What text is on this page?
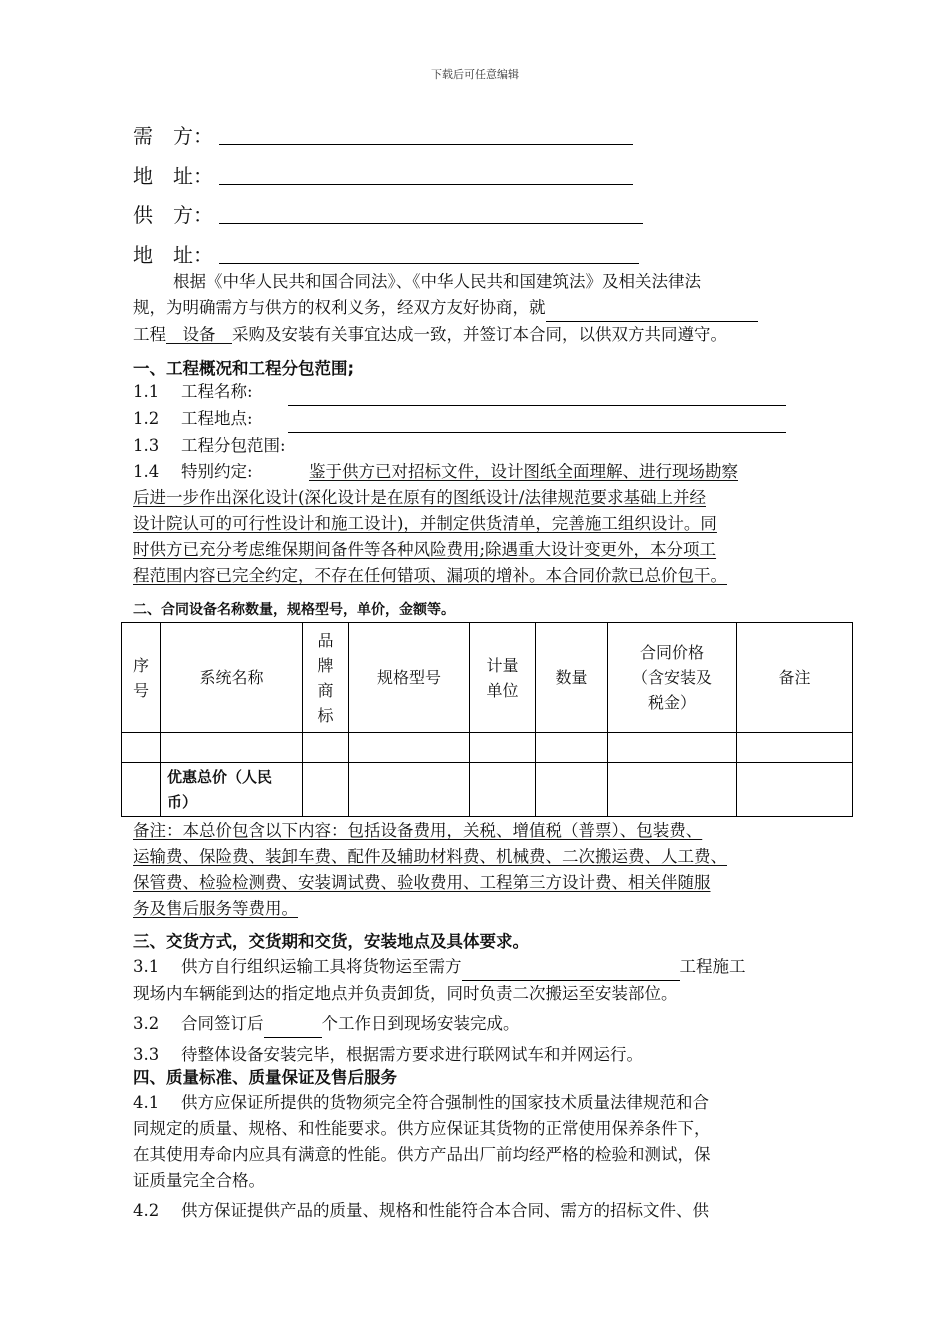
下载后可任意编辑
需　方：
地　址：
供　方：
地　址：
根据《中华人民共和国合同法》、《中华人民共和国建筑法》及相关法律法
规，为明确需方与供方的权利义务，经双方友好协商，就
工程　设备　采购及安装有关事宜达成一致，并签订本合同，以供双方共同遵守。
一、工程概况和工程分包范围;
1.1　 工程名称:
1.2　 工程地点:
1.3　 工程分包范围:
1.4　 特别约定:	鉴于供方已对招标文件，设计图纸全面理解、进行现场勘察
后进一步作出深化设计(深化设计是在原有的图纸设计/法律规范要求基础上并经
设计院认可的可行性设计和施工设计)，并制定供货清单，完善施工组织设计。同
时供方已充分考虑维保期间备件等各种风险费用;除遇重大设计变更外，本分项工
程范围内容已完全约定，不存在任何错项、漏项的增补。本合同价款已总价包干。
二、合同设备名称数量，规格型号，单价，金额等。
序号	系统名称	品牌商标	规格型号	计量单位	数量	合同价格（含安装及税金）	备注

	优惠总价（人民币）						

备注：本总价包含以下内容：包括设备费用，关税、增值税（普票）、包装费、
运输费、保险费、装卸车费、配件及辅助材料费、机械费、二次搬运费、人工费、
保管费、检验检测费、安装调试费、验收费用、工程第三方设计费、相关伴随服
务及售后服务等费用。
三、交货方式，交货期和交货，安装地点及具体要求。
3.1　 供方自行组织运输工具将货物运至需方	工程施工
现场内车辆能到达的指定地点并负责卸货，同时负责二次搬运至安装部位。
3.2　 合同签订后	个工作日到现场安装完成。
3.3　 待整体设备安装完毕，根据需方要求进行联网试车和并网运行。
四、质量标准、质量保证及售后服务
4.1　 供方应保证所提供的货物须完全符合强制性的国家技术质量法律规范和合
同规定的质量、规格、和性能要求。供方应保证其货物的正常使用保养条件下，
在其使用寿命内应具有满意的性能。供方产品出厂前均经严格的检验和测试，保
证质量完全合格。
4.2　 供方保证提供产品的质量、规格和性能符合本合同、需方的招标文件、供
